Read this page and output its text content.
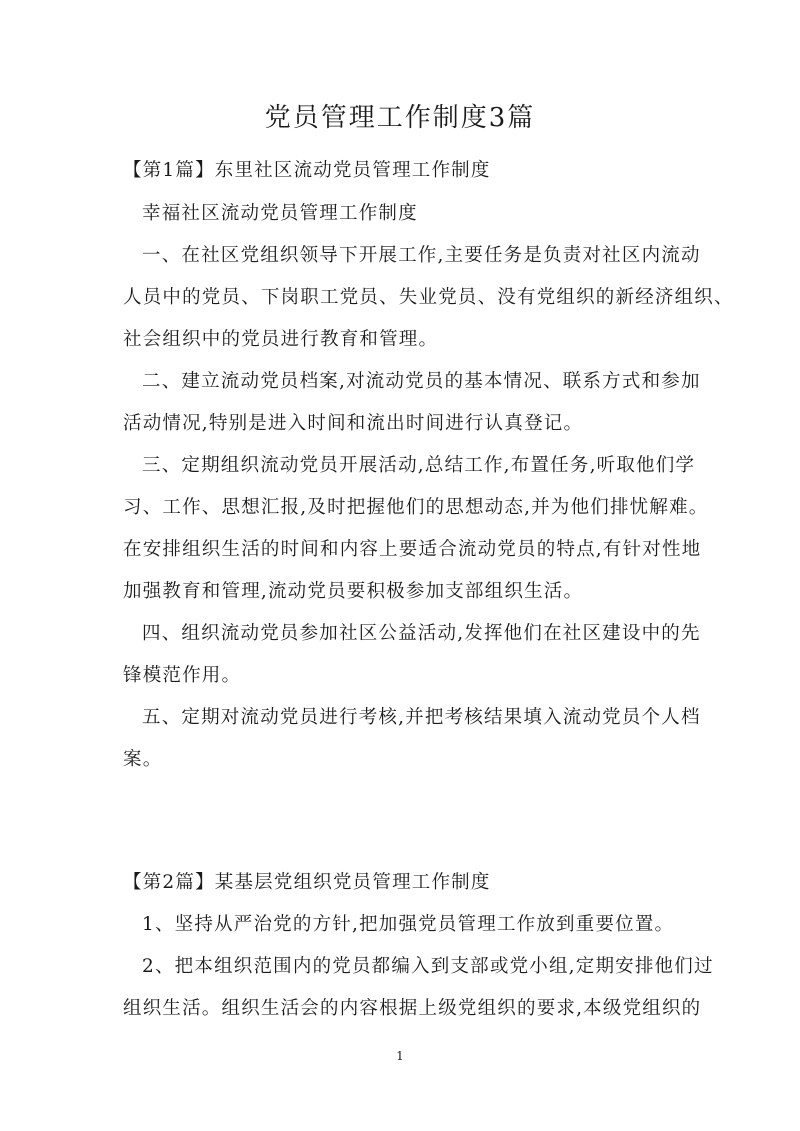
党员管理工作制度3篇
【第1篇】东里社区流动党员管理工作制度
幸福社区流动党员管理工作制度
一、在社区党组织领导下开展工作,主要任务是负责对社区内流动
人员中的党员、下岗职工党员、失业党员、没有党组织的新经济组织、
社会组织中的党员进行教育和管理。
二、建立流动党员档案,对流动党员的基本情况、联系方式和参加
活动情况,特别是进入时间和流出时间进行认真登记。
三、定期组织流动党员开展活动,总结工作,布置任务,听取他们学
习、工作、思想汇报,及时把握他们的思想动态,并为他们排忧解难。
在安排组织生活的时间和内容上要适合流动党员的特点,有针对性地
加强教育和管理,流动党员要积极参加支部组织生活。
四、组织流动党员参加社区公益活动,发挥他们在社区建设中的先
锋模范作用。
五、定期对流动党员进行考核,并把考核结果填入流动党员个人档
案。
【第2篇】某基层党组织党员管理工作制度
1、坚持从严治党的方针,把加强党员管理工作放到重要位置。
2、把本组织范围内的党员都编入到支部或党小组,定期安排他们过
组织生活。组织生活会的内容根据上级党组织的要求,本级党组织的
1
